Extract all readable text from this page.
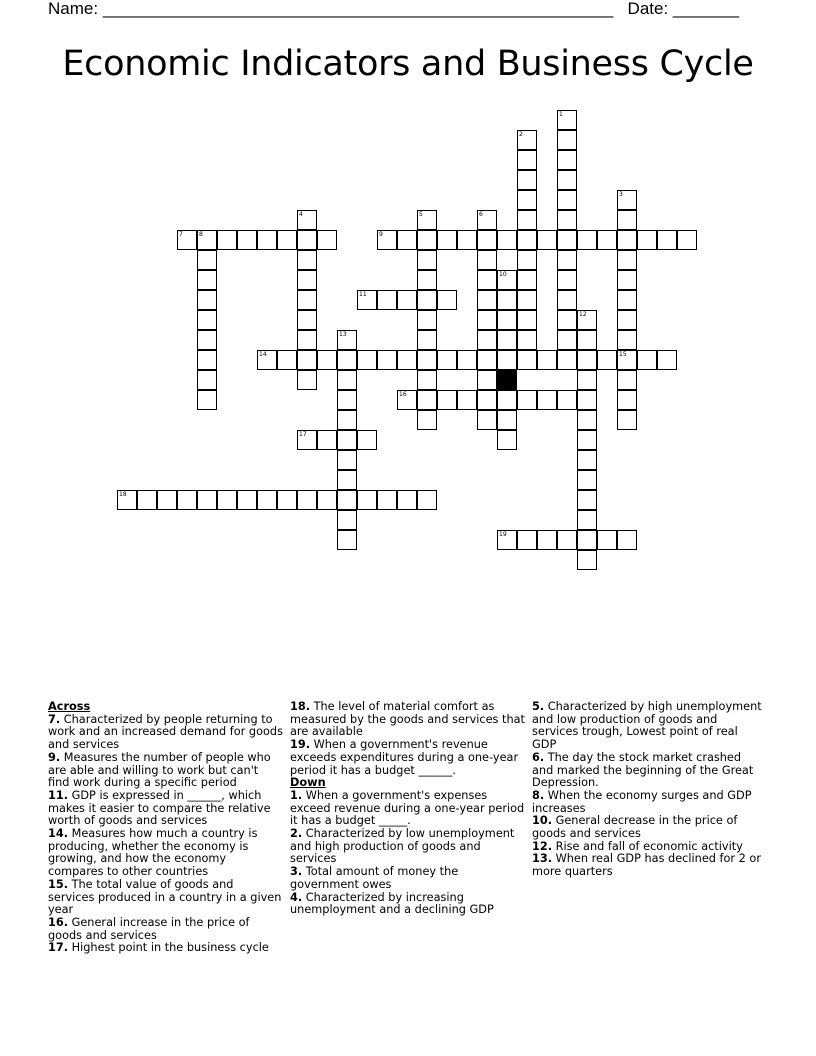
Name: ______________________________________________________ Date: _______
Economic Indicators and Business Cycle
1
2
3
15
4	5	6
7	8	9
10
11
12
13
14
16
17
18
19
Across

7. Characterized by people returning to work and an increased demand for goods and services

9. Measures the number of people who are able and willing to work but can't find work during a specific period

11. GDP is expressed in ______, which makes it easier to compare the relative worth of goods and services

14. Measures how much a country is producing, whether the economy is growing, and how the economy compares to other countries

15. The total value of goods and services produced in a country in a given year

16. General increase in the price of goods and services

17. Highest point in the business cycle

18. The level of material comfort as measured by the goods and services that are available

19. When a government's revenue exceeds expenditures during a one-year period it has a budget ______.

Down

1. When a government's expenses exceed revenue during a one-year period it has a budget _____.

2. Characterized by low unemployment and high production of goods and services

3. Total amount of money the government owes

4. Characterized by increasing unemployment and a declining GDP

5. Characterized by high unemployment and low production of goods and services trough, Lowest point of real GDP

6. The day the stock market crashed and marked the beginning of the Great Depression.

8. When the economy surges and GDP increases

10. General decrease in the price of goods and services

12. Rise and fall of economic activity

13. When real GDP has declined for 2 or more quarters
